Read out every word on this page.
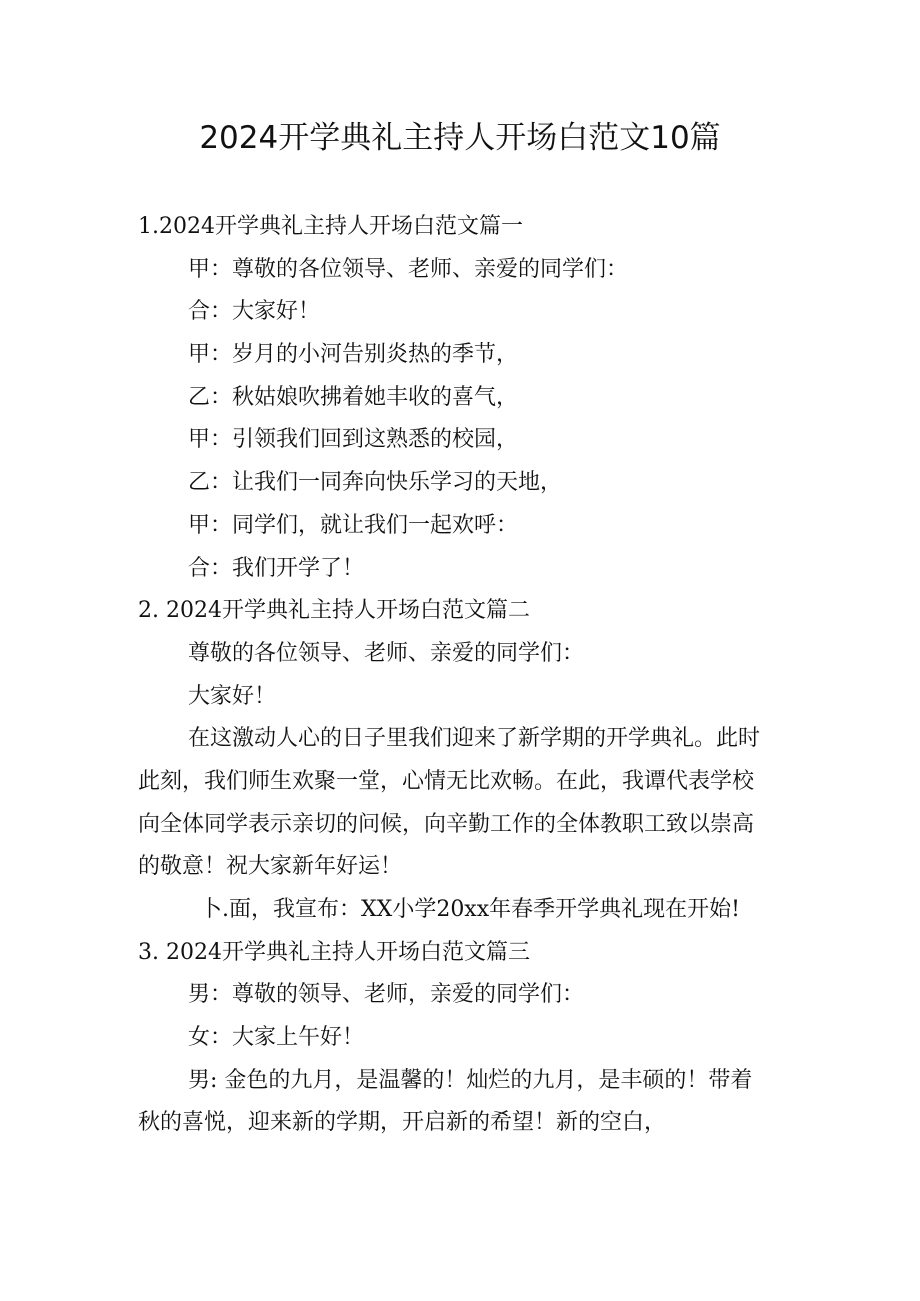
2024开学典礼主持人开场白范文10篇
1.2024开学典礼主持人开场白范文篇一
甲：尊敬的各位领导、老师、亲爱的同学们：
合：大家好！
甲：岁月的小河告别炎热的季节，
乙：秋姑娘吹拂着她丰收的喜气，
甲：引领我们回到这熟悉的校园，
乙：让我们一同奔向快乐学习的天地，
甲：同学们，就让我们一起欢呼：
合：我们开学了！
2. 2024开学典礼主持人开场白范文篇二
尊敬的各位领导、老师、亲爱的同学们：
大家好！
在这激动人心的日子里我们迎来了新学期的开学典礼。此时
此刻，我们师生欢聚一堂，心情无比欢畅。在此，我谭代表学校
向全体同学表示亲切的问候，向辛勤工作的全体教职工致以崇高
的敬意！祝大家新年好运！
卜.面，我宣布：XX小学20xx年春季开学典礼现在开始!
3. 2024开学典礼主持人开场白范文篇三
男：尊敬的领导、老师，亲爱的同学们：
女：大家上午好！
男: 金色的九月，是温馨的！灿烂的九月，是丰硕的！带着
秋的喜悦，迎来新的学期，开启新的希望！新的空白，
